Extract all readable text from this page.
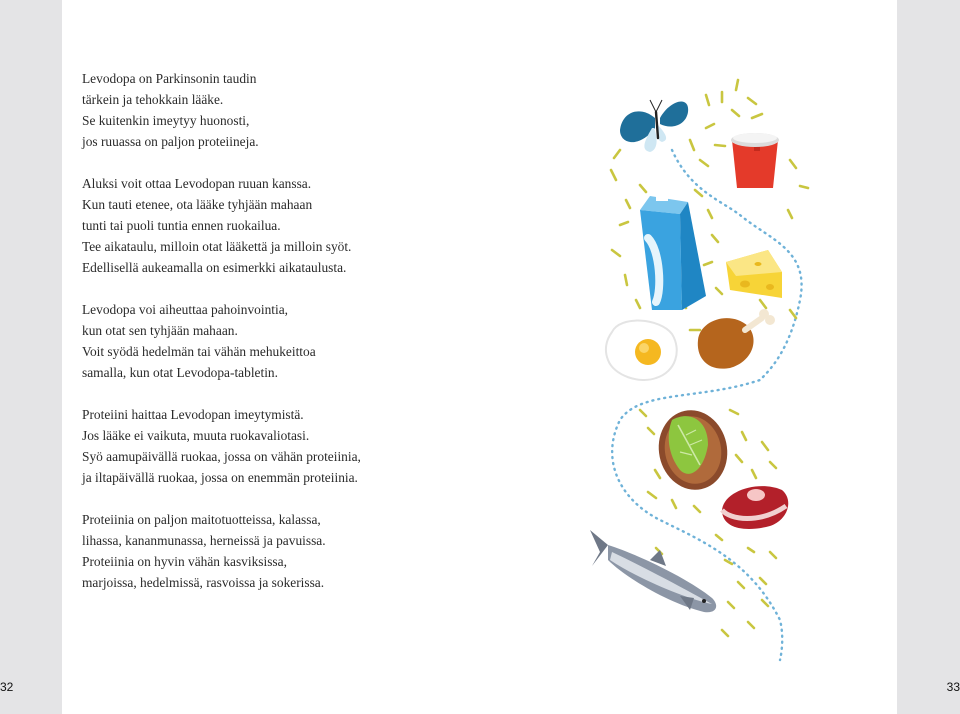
Levodopa on Parkinsonin taudin
tärkein ja tehokkain lääke.
Se kuitenkin imeytyy huonosti,
jos ruuassa on paljon proteiineja.
Aluksi voit ottaa Levodopan ruuan kanssa.
Kun tauti etenee, ota lääke tyhjään mahaan
tunti tai puoli tuntia ennen ruokailua.
Tee aikataulu, milloin otat lääkettä ja milloin syöt.
Edellisellä aukeamalla on esimerkki aikataulusta.
Levodopa voi aiheuttaa pahoinvointia,
kun otat sen tyhjään mahaan.
Voit syödä hedelmän tai vähän mehukeittoa
samalla, kun otat Levodopa-tabletin.
Proteiini haittaa Levodopan imeytymistä.
Jos lääke ei vaikuta, muuta ruokavaliotasi.
Syö aamupäivällä ruokaa, jossa on vähän proteiinia,
ja iltapäivällä ruokaa, jossa on enemmän proteiinia.
Proteiinia on paljon maitotuotteissa, kalassa,
lihassa, kananmunassa, herneissä ja pavuissa.
Proteiinia on hyvin vähän kasviksissa,
marjoissa, hedelmissä, rasvoissa ja sokerissa.
32	33
